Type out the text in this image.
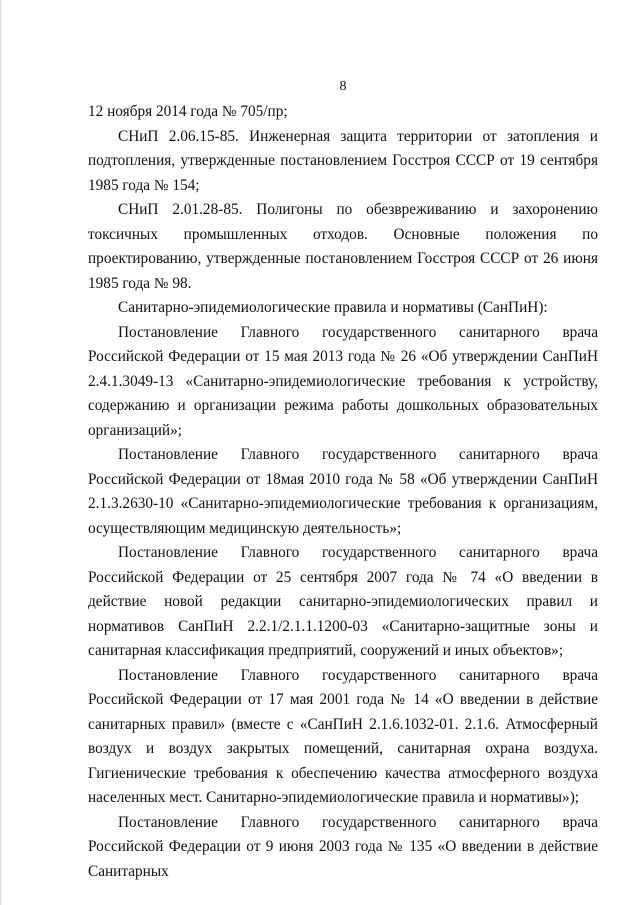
8

12 ноября 2014 года № 705/пр;

СНиП 2.06.15-85. Инженерная защита территории от затопления и подтопления, утвержденные постановлением Госстроя СССР от 19 сентября 1985 года № 154;

СНиП 2.01.28-85. Полигоны по обезвреживанию и захоронению токсичных промышленных отходов. Основные положения по проектированию, утвержденные постановлением Госстроя СССР от 26 июня 1985 года № 98.

Санитарно-эпидемиологические правила и нормативы (СанПиН):

Постановление Главного государственного санитарного врача Российской Федерации от 15 мая 2013 года № 26 «Об утверждении СанПиН 2.4.1.3049-13 «Санитарно-эпидемиологические требования к устройству, содержанию и организации режима работы дошкольных образовательных организаций»;

Постановление Главного государственного санитарного врача Российской Федерации от 18мая 2010 года № 58 «Об утверждении СанПиН 2.1.3.2630-10 «Санитарно-эпидемиологические требования к организациям, осуществляющим медицинскую деятельность»;

Постановление Главного государственного санитарного врача Российской Федерации от 25 сентября 2007 года № 74 «О введении в действие новой редакции санитарно-эпидемиологических правил и нормативов СанПиН 2.2.1/2.1.1.1200-03 «Санитарно-защитные зоны и санитарная классификация предприятий, сооружений и иных объектов»;

Постановление Главного государственного санитарного врача Российской Федерации от 17 мая 2001 года № 14 «О введении в действие санитарных правил» (вместе с «СанПиН 2.1.6.1032-01. 2.1.6. Атмосферный воздух и воздух закрытых помещений, санитарная охрана воздуха. Гигиенические требования к обеспечению качества атмосферного воздуха населенных мест. Санитарно-эпидемиологические правила и нормативы»);

Постановление Главного государственного санитарного врача Российской Федерации от 9 июня 2003 года № 135 «О введении в действие Санитарных
